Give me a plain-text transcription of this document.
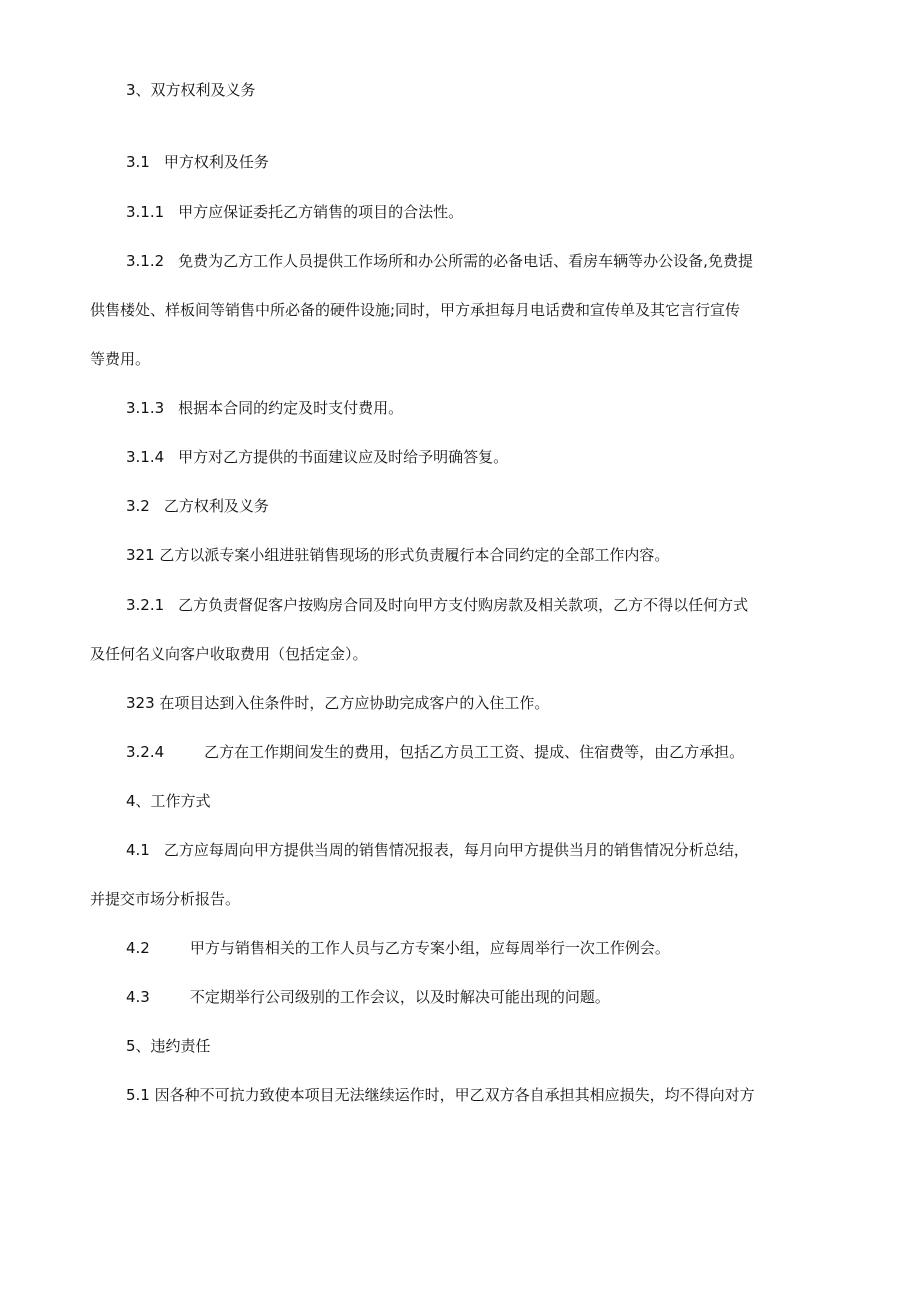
3、双方权利及义务
3.1 甲方权利及任务
3.1.1 甲方应保证委托乙方销售的项目的合法性。
3.1.2 免费为乙方工作人员提供工作场所和办公所需的必备电话、看房车辆等办公设备,免费提
供售楼处、样板间等销售中所必备的硬件设施;同时，甲方承担每月电话费和宣传单及其它言行宣传
等费用。
3.1.3 根据本合同的约定及时支付费用。
3.1.4 甲方对乙方提供的书面建议应及时给予明确答复。
3.2 乙方权利及义务
321 乙方以派专案小组进驻销售现场的形式负责履行本合同约定的全部工作内容。
3.2.1 乙方负责督促客户按购房合同及时向甲方支付购房款及相关款项，乙方不得以任何方式
及任何名义向客户收取费用（包括定金）。
323 在项目达到入住条件时，乙方应协助完成客户的入住工作。
3.2.4	乙方在工作期间发生的费用，包括乙方员工工资、提成、住宿费等，由乙方承担。
4、工作方式
4.1 乙方应每周向甲方提供当周的销售情况报表，每月向甲方提供当月的销售情况分析总结，
并提交市场分析报告。
4.2	甲方与销售相关的工作人员与乙方专案小组，应每周举行一次工作例会。
4.3	不定期举行公司级别的工作会议，以及时解决可能出现的问题。
5、违约责任
5.1 因各种不可抗力致使本项目无法继续运作时，甲乙双方各自承担其相应损失，均不得向对方
